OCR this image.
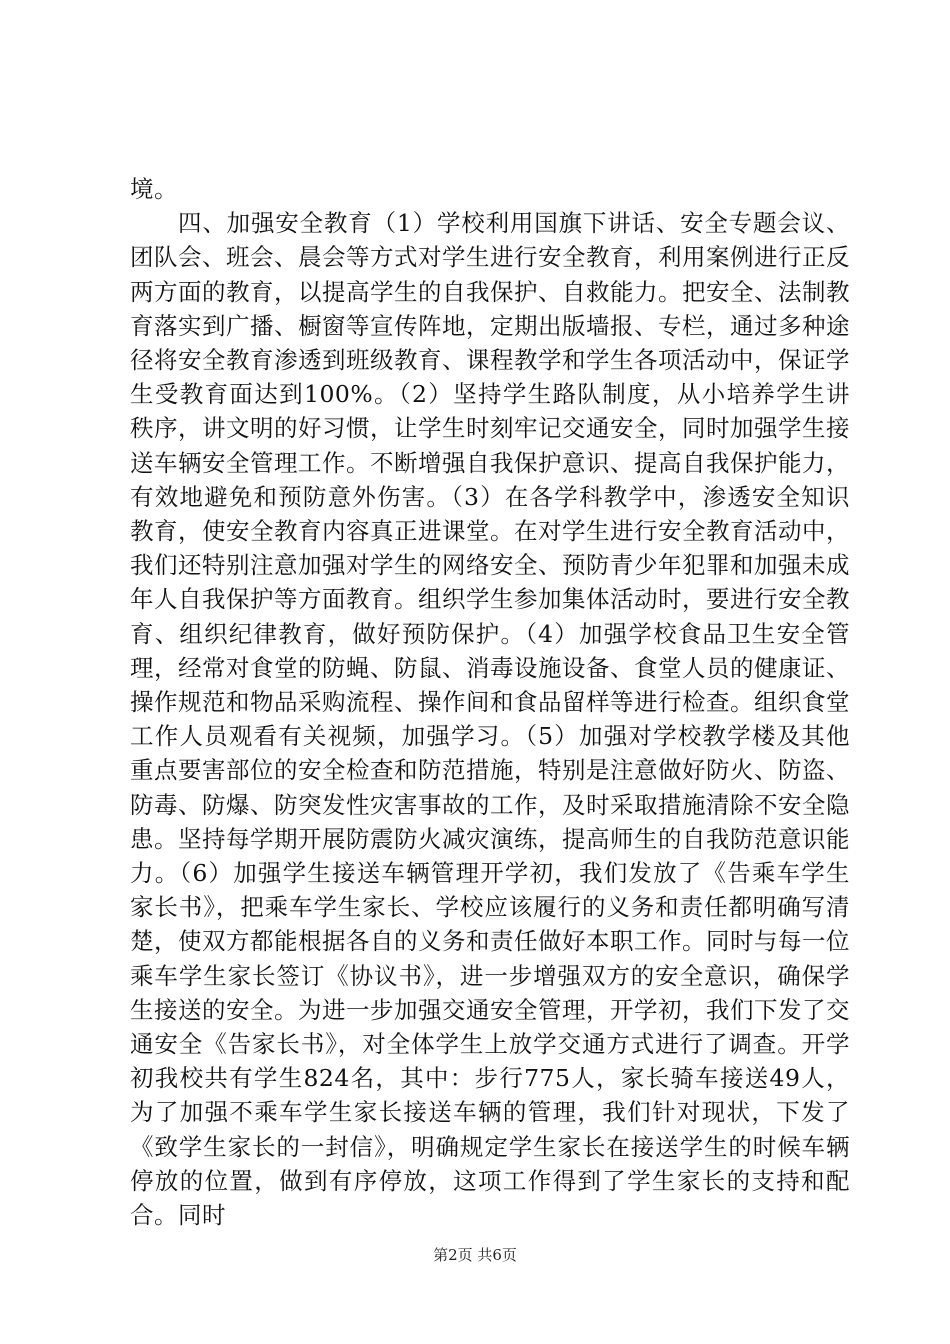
境。

四、加强安全教育（1）学校利用国旗下讲话、安全专题会议、团队会、班会、晨会等方式对学生进行安全教育，利用案例进行正反两方面的教育，以提高学生的自我保护、自救能力。把安全、法制教育落实到广播、橱窗等宣传阵地，定期出版墙报、专栏，通过多种途径将安全教育渗透到班级教育、课程教学和学生各项活动中，保证学生受教育面达到100%。（2）坚持学生路队制度，从小培养学生讲秩序，讲文明的好习惯，让学生时刻牢记交通安全，同时加强学生接送车辆安全管理工作。不断增强自我保护意识、提高自我保护能力，有效地避免和预防意外伤害。（3）在各学科教学中，渗透安全知识教育，使安全教育内容真正进课堂。在对学生进行安全教育活动中，我们还特别注意加强对学生的网络安全、预防青少年犯罪和加强未成年人自我保护等方面教育。组织学生参加集体活动时，要进行安全教育、组织纪律教育，做好预防保护。（4）加强学校食品卫生安全管理，经常对食堂的防蝇、防鼠、消毒设施设备、食堂人员的健康证、操作规范和物品采购流程、操作间和食品留样等进行检查。组织食堂工作人员观看有关视频，加强学习。（5）加强对学校教学楼及其他重点要害部位的安全检查和防范措施，特别是注意做好防火、防盗、防毒、防爆、防突发性灾害事故的工作，及时采取措施清除不安全隐患。坚持每学期开展防震防火减灾演练，提高师生的自我防范意识能力。（6）加强学生接送车辆管理开学初，我们发放了《告乘车学生家长书》，把乘车学生家长、学校应该履行的义务和责任都明确写清楚，使双方都能根据各自的义务和责任做好本职工作。同时与每一位乘车学生家长签订《协议书》，进一步增强双方的安全意识，确保学生接送的安全。为进一步加强交通安全管理，开学初，我们下发了交通安全《告家长书》，对全体学生上放学交通方式进行了调查。开学初我校共有学生824名，其中：步行775人，家长骑车接送49人，为了加强不乘车学生家长接送车辆的管理，我们针对现状，下发了《致学生家长的一封信》，明确规定学生家长在接送学生的时候车辆停放的位置，做到有序停放，这项工作得到了学生家长的支持和配合。同时

第2页 共6页
